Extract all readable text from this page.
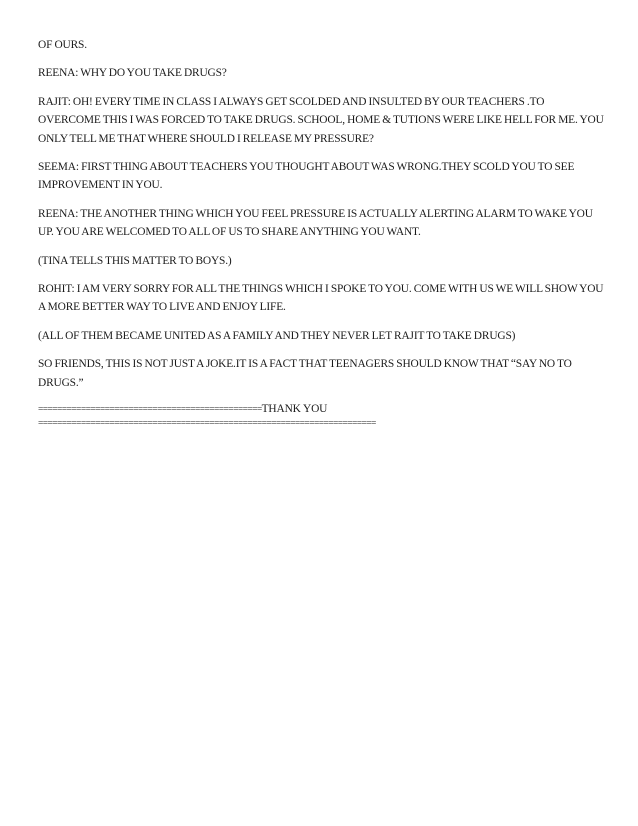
OF OURS.

REENA: WHY DO YOU TAKE DRUGS?

RAJIT: OH! EVERY TIME IN CLASS I ALWAYS GET SCOLDED AND INSULTED BY OUR TEACHERS .TO OVERCOME THIS I WAS FORCED TO TAKE DRUGS. SCHOOL, HOME & TUTIONS WERE LIKE HELL FOR ME. YOU ONLY TELL ME THAT WHERE SHOULD I RELEASE MY PRESSURE?

SEEMA: FIRST THING ABOUT TEACHERS YOU THOUGHT ABOUT WAS WRONG.THEY SCOLD YOU TO SEE IMPROVEMENT IN YOU.

REENA: THE ANOTHER THING WHICH YOU FEEL PRESSURE IS ACTUALLY ALERTING ALARM TO WAKE YOU UP. YOU ARE WELCOMED TO ALL OF US TO SHARE ANYTHING YOU WANT.

(TINA TELLS THIS MATTER TO BOYS.)

ROHIT: I AM VERY SORRY FOR ALL THE THINGS WHICH I SPOKE TO YOU. COME WITH US WE WILL SHOW YOU A MORE BETTER WAY TO LIVE AND ENJOY LIFE.

(ALL OF THEM BECAME UNITED AS A FAMILY AND THEY NEVER LET RAJIT TO TAKE DRUGS)

SO FRIENDS, THIS IS NOT JUST A JOKE.IT IS A FACT THAT TEENAGERS SHOULD KNOW THAT “SAY NO TO DRUGS.”

===============================================THANK YOU
=======================================================================
